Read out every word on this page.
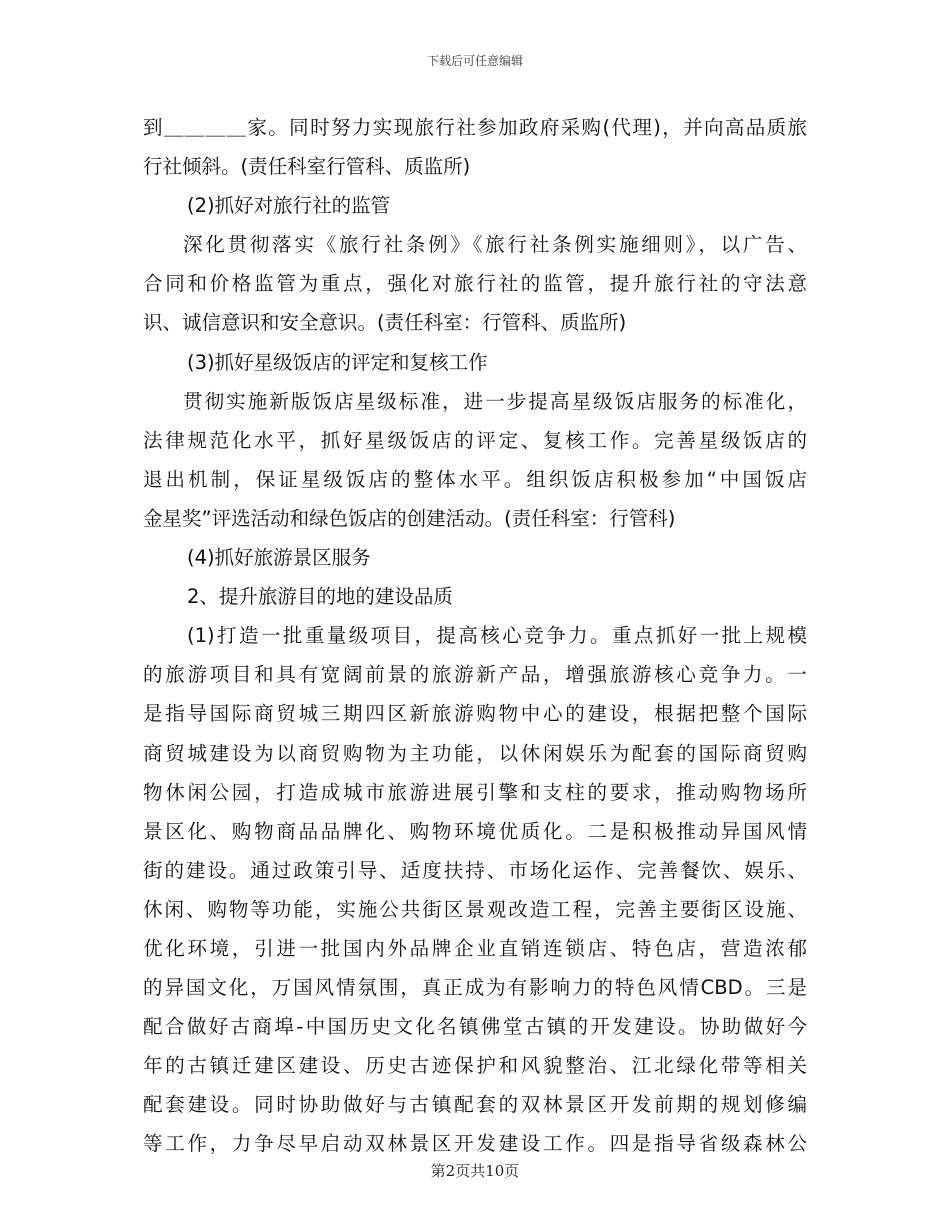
下载后可任意编辑
到＿＿＿＿家。同时努力实现旅行社参加政府采购(代理)，并向高品质旅
行社倾斜。(责任科室行管科、质监所)
(2)抓好对旅行社的监管
深化贯彻落实《旅行社条例》《旅行社条例实施细则》，以广告、
合同和价格监管为重点，强化对旅行社的监管，提升旅行社的守法意
识、诚信意识和安全意识。(责任科室：行管科、质监所)
(3)抓好星级饭店的评定和复核工作
贯彻实施新版饭店星级标准，进一步提高星级饭店服务的标准化，
法律规范化水平，抓好星级饭店的评定、复核工作。完善星级饭店的
退出机制，保证星级饭店的整体水平。组织饭店积极参加“中国饭店
金星奖”评选活动和绿色饭店的创建活动。(责任科室：行管科)
(4)抓好旅游景区服务
2、提升旅游目的地的建设品质
(1)打造一批重量级项目，提高核心竞争力。重点抓好一批上规模
的旅游项目和具有宽阔前景的旅游新产品，增强旅游核心竞争力。一
是指导国际商贸城三期四区新旅游购物中心的建设，根据把整个国际
商贸城建设为以商贸购物为主功能，以休闲娱乐为配套的国际商贸购
物休闲公园，打造成城市旅游进展引擎和支柱的要求，推动购物场所
景区化、购物商品品牌化、购物环境优质化。二是积极推动异国风情
街的建设。通过政策引导、适度扶持、市场化运作、完善餐饮、娱乐、
休闲、购物等功能，实施公共街区景观改造工程，完善主要街区设施、
优化环境，引进一批国内外品牌企业直销连锁店、特色店，营造浓郁
的异国文化，万国风情氛围，真正成为有影响力的特色风情CBD。三是
配合做好古商埠-中国历史文化名镇佛堂古镇的开发建设。协助做好今
年的古镇迁建区建设、历史古迹保护和风貌整治、江北绿化带等相关
配套建设。同时协助做好与古镇配套的双林景区开发前期的规划修编
等工作，力争尽早启动双林景区开发建设工作。四是指导省级森林公
第2页共10页
